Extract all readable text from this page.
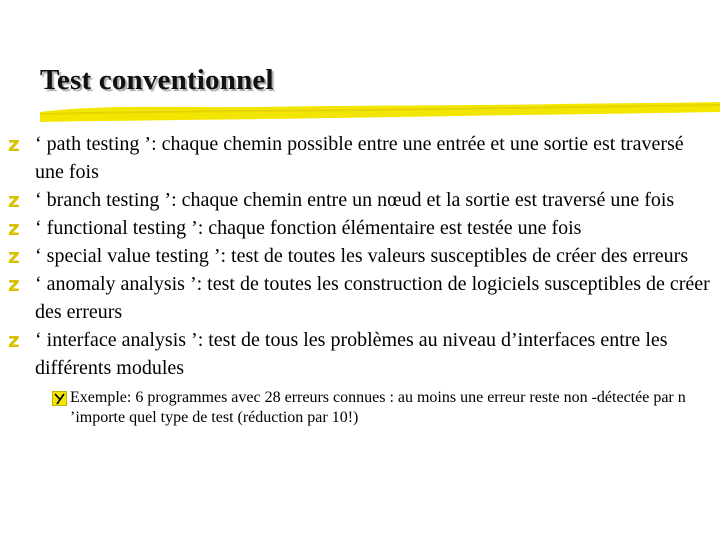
Test conventionnel
z ‘ path testing ’: chaque chemin possible entre une entrée et une sortie est traversé une fois
z ‘ branch testing ’: chaque chemin entre un nœud et la sortie est traversé une fois
z ‘ functional testing ’: chaque fonction élémentaire est testée une fois
z ‘ special value testing ’: test de toutes les valeurs susceptibles de créer des erreurs
z ‘ anomaly analysis ’: test de toutes les construction de logiciels susceptibles de créer des erreurs
z ‘ interface analysis ’: test de tous les problèmes au niveau d’interfaces entre les différents modules
Exemple: 6 programmes avec 28 erreurs connues : au moins une erreur reste non -détectée par n ’importe quel type de test (réduction par 10!)
